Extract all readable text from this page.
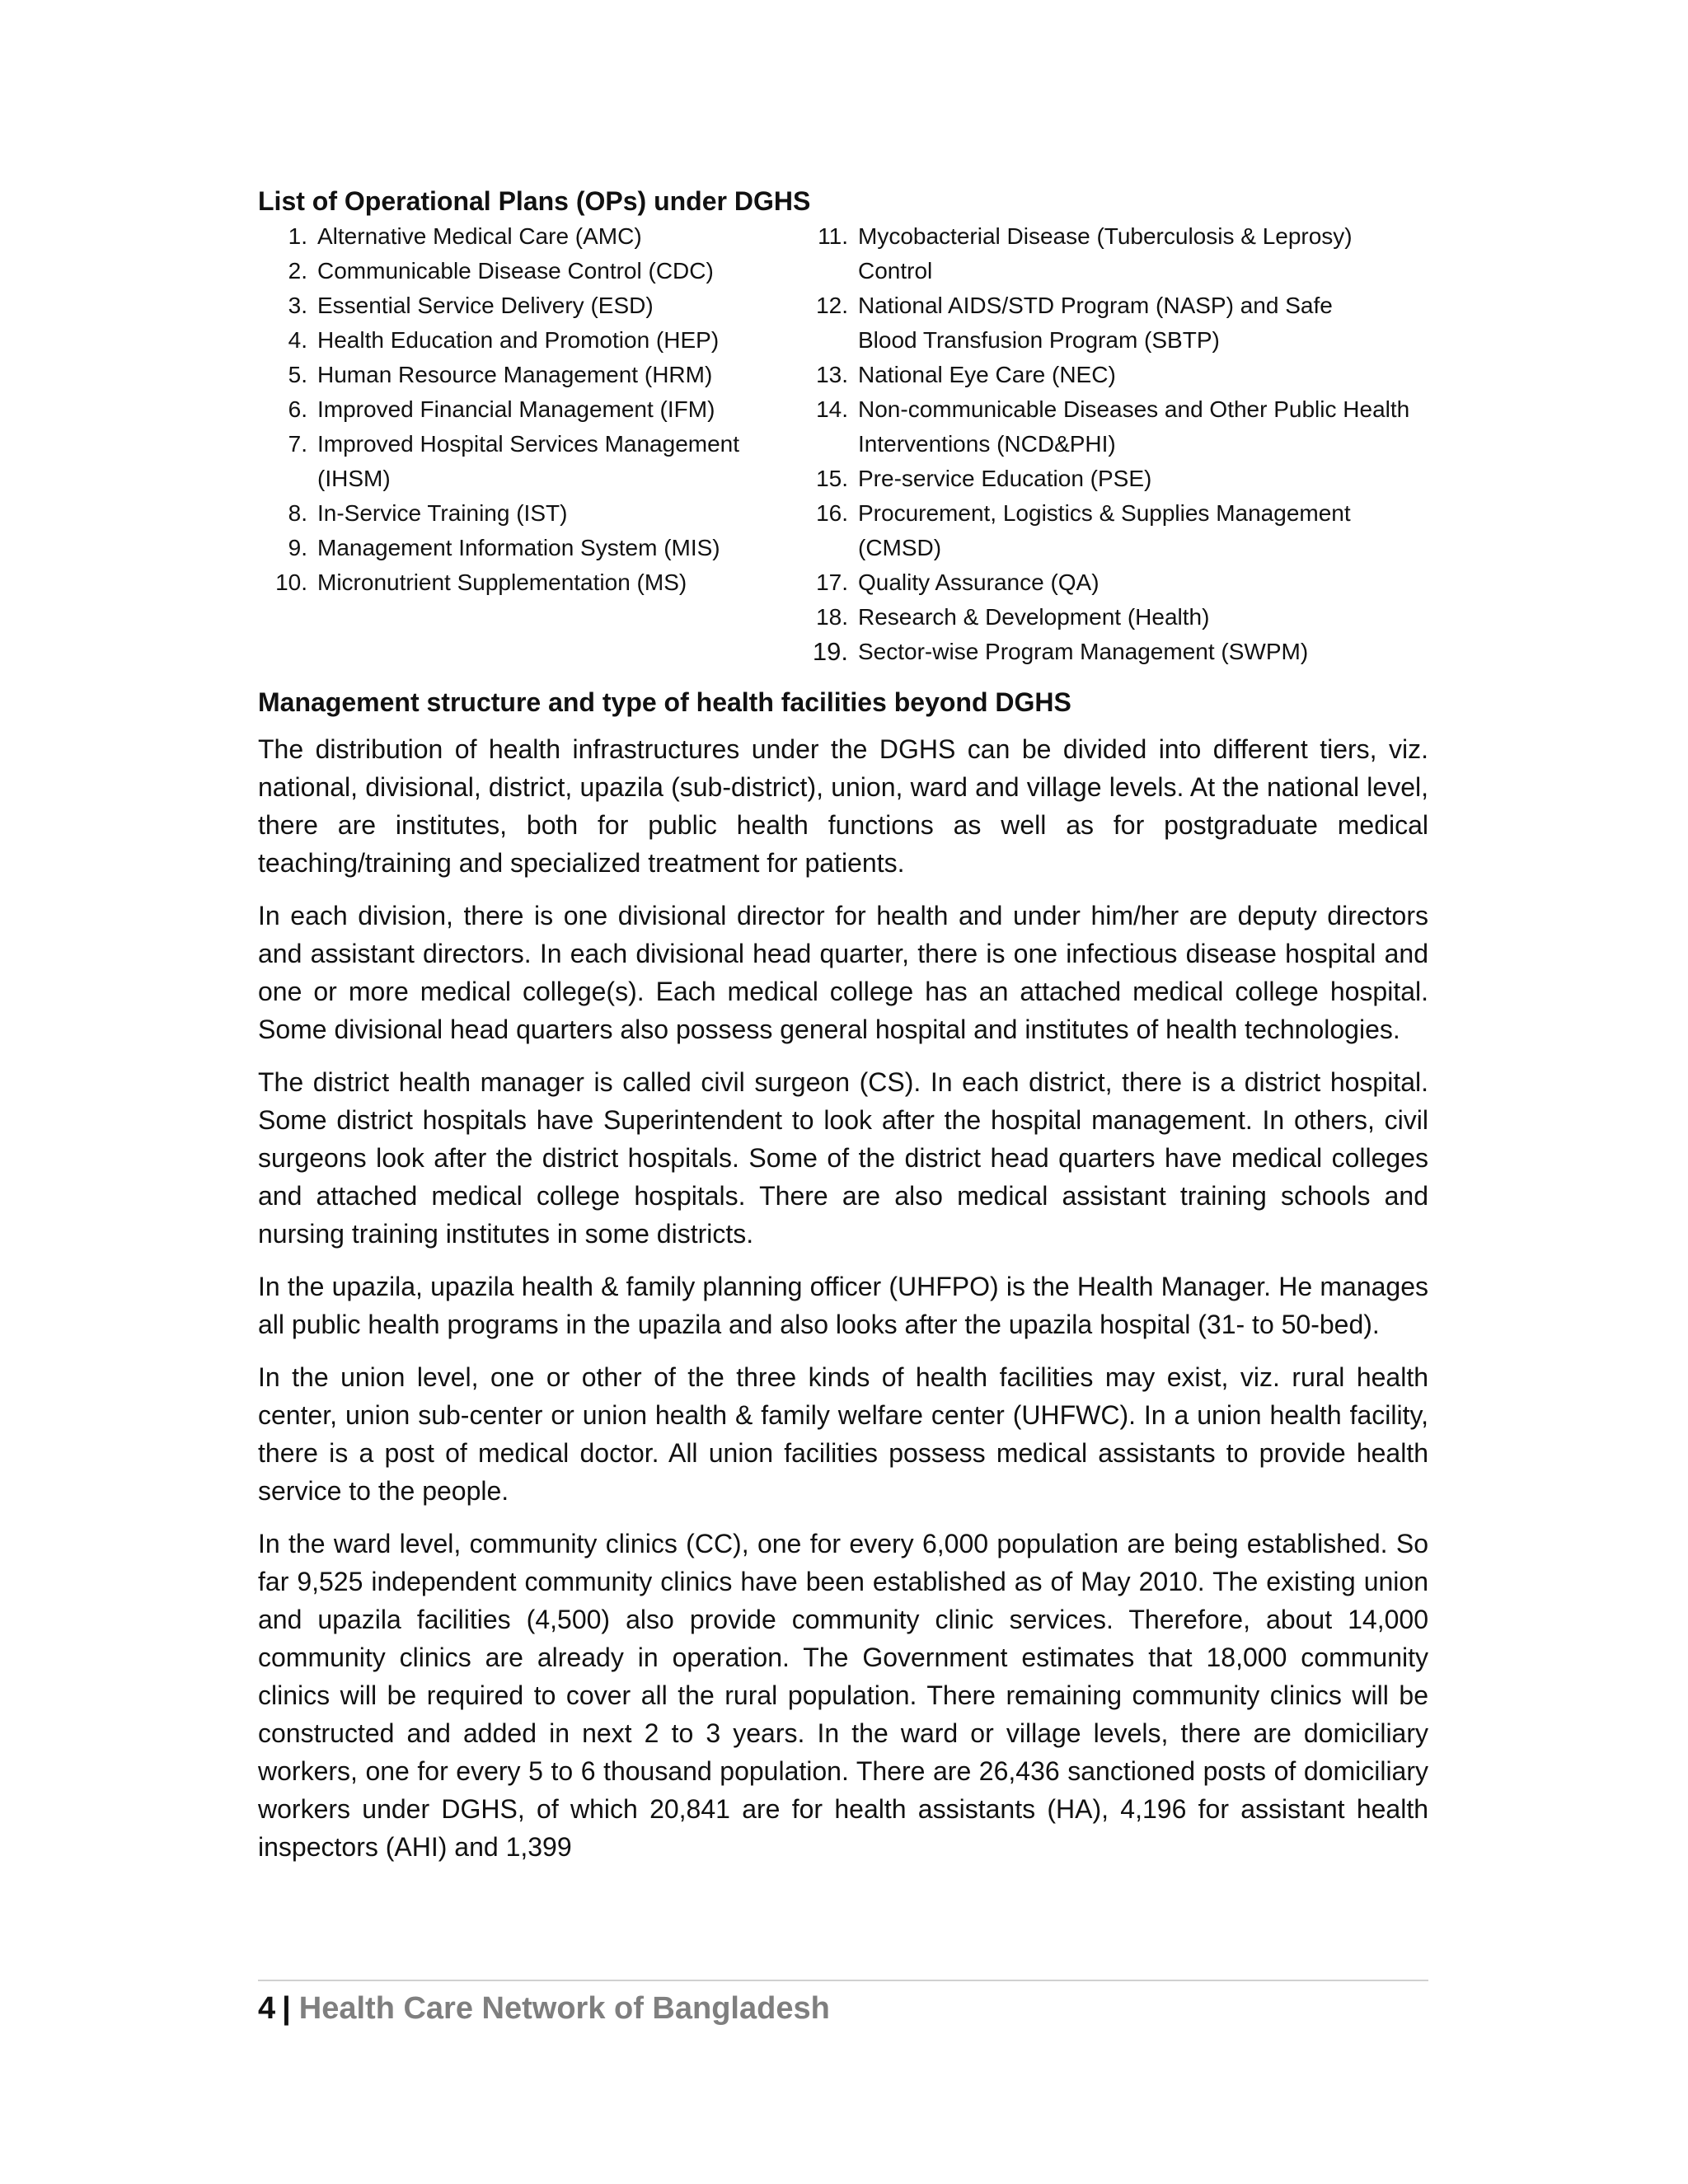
List of Operational Plans (OPs) under DGHS

1. Alternative Medical Care (AMC)
2. Communicable Disease Control (CDC)
3. Essential Service Delivery (ESD)
4. Health Education and Promotion (HEP)
5. Human Resource Management (HRM)
6. Improved Financial Management (IFM)
7. Improved Hospital Services Management (IHSM)
8. In-Service Training (IST)
9. Management Information System (MIS)
10. Micronutrient Supplementation (MS)
11. Mycobacterial Disease (Tuberculosis & Leprosy) Control
12. National AIDS/STD Program (NASP) and Safe Blood Transfusion Program (SBTP)
13. National Eye Care (NEC)
14. Non-communicable Diseases and Other Public Health Interventions (NCD&PHI)
15. Pre-service Education (PSE)
16. Procurement, Logistics & Supplies Management (CMSD)
17. Quality Assurance (QA)
18. Research & Development (Health)
19. Sector-wise Program Management (SWPM)

Management structure and type of health facilities beyond DGHS

The distribution of health infrastructures under the DGHS can be divided into different tiers, viz. national, divisional, district, upazila (sub-district), union, ward and village levels. At the national level, there are institutes, both for public health functions as well as for postgraduate medical teaching/training and specialized treatment for patients.

In each division, there is one divisional director for health and under him/her are deputy directors and assistant directors. In each divisional head quarter, there is one infectious disease hospital and one or more medical college(s). Each medical college has an attached medical college hospital. Some divisional head quarters also possess general hospital and institutes of health technologies.

The district health manager is called civil surgeon (CS). In each district, there is a district hospital. Some district hospitals have Superintendent to look after the hospital management. In others, civil surgeons look after the district hospitals. Some of the district head quarters have medical colleges and attached medical college hospitals. There are also medical assistant training schools and nursing training institutes in some districts.

In the upazila, upazila health & family planning officer (UHFPO) is the Health Manager. He manages all public health programs in the upazila and also looks after the upazila hospital (31- to 50-bed).

In the union level, one or other of the three kinds of health facilities may exist, viz. rural health center, union sub-center or union health & family welfare center (UHFWC). In a union health facility, there is a post of medical doctor. All union facilities possess medical assistants to provide health service to the people.

In the ward level, community clinics (CC), one for every 6,000 population are being established. So far 9,525 independent community clinics have been established as of May 2010. The existing union and upazila facilities (4,500) also provide community clinic services. Therefore, about 14,000 community clinics are already in operation. The Government estimates that 18,000 community clinics will be required to cover all the rural population. There remaining community clinics will be constructed and added in next 2 to 3 years. In the ward or village levels, there are domiciliary workers, one for every 5 to 6 thousand population. There are 26,436 sanctioned posts of domiciliary workers under DGHS, of which 20,841 are for health assistants (HA), 4,196 for assistant health inspectors (AHI) and 1,399

4 | Health Care Network of Bangladesh
